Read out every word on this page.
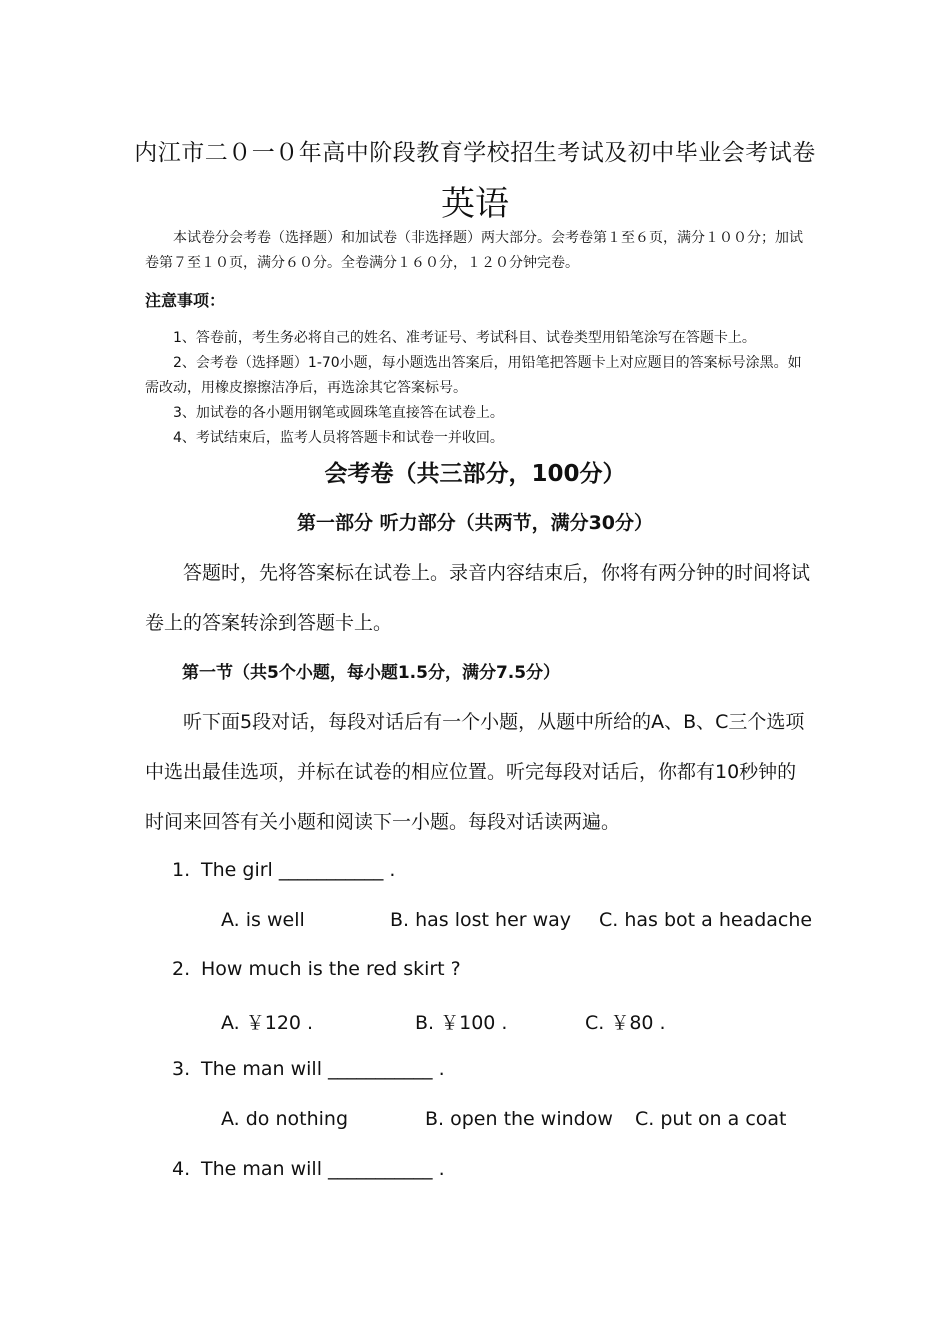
内江市二０一０年高中阶段教育学校招生考试及初中毕业会考试卷
英语
本试卷分会考卷（选择题）和加试卷（非选择题）两大部分。会考卷第１至６页，满分１００分；加试卷第７至１０页，满分６０分。全卷满分１６０分，１２０分钟完卷。
注意事项：
1、答卷前，考生务必将自己的姓名、准考证号、考试科目、试卷类型用铅笔涂写在答题卡上。
2、会考卷（选择题）1-70小题，每小题选出答案后，用铅笔把答题卡上对应题目的答案标号涂黑。如需改动，用橡皮擦擦洁净后，再选涂其它答案标号。
3、加试卷的各小题用钢笔或圆珠笔直接答在试卷上。
4、考试结束后，监考人员将答题卡和试卷一并收回。
会考卷（共三部分，100分）
第一部分 听力部分（共两节，满分30分）
答题时，先将答案标在试卷上。录音内容结束后，你将有两分钟的时间将试卷上的答案转涂到答题卡上。
第一节（共5个小题，每小题1.5分，满分7.5分）
听下面5段对话，每段对话后有一个小题，从题中所给的A、B、C三个选项中选出最佳选项，并标在试卷的相应位置。听完每段对话后，你都有10秒钟的时间来回答有关小题和阅读下一小题。每段对话读两遍。
1. The girl ___________ .
A. is well	B. has lost her way C. has bot a headache
2. How much is the red skirt ?
A. ￥120 .	B. ￥100 .	C. ￥80 .
3. The man will ___________ .
A. do nothing	B. open the window C. put on a coat
4. The man will ___________ .
